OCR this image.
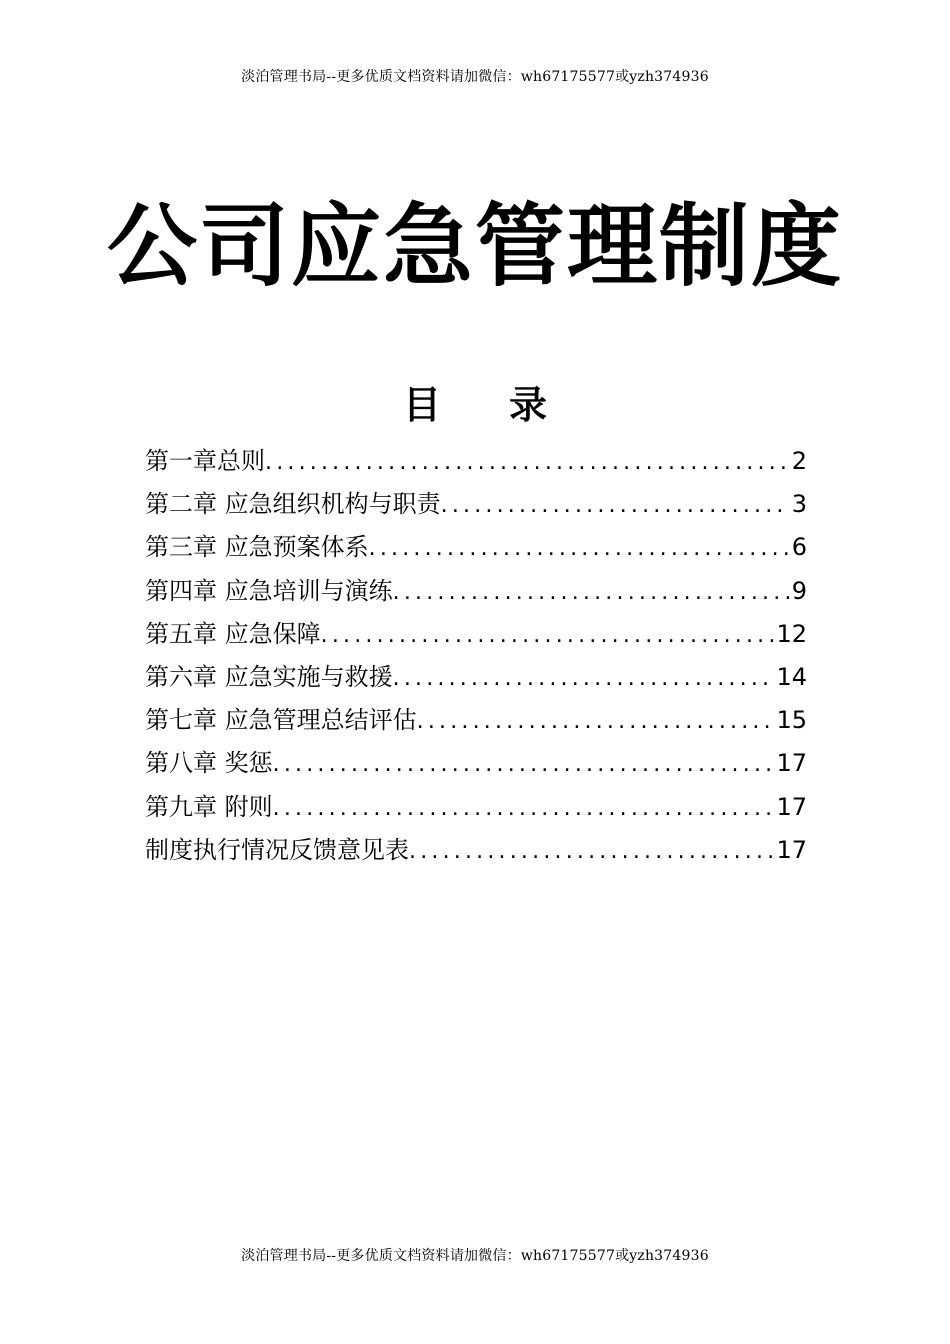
淡泊管理书局--更多优质文档资料请加微信：wh67175577或yzh374936
公司应急管理制度
目 录
第一章总则 .....	2
第二章 应急组织机构与职责 .....	3
第三章 应急预案体系 .....	6
第四章 应急培训与演练 .....	9
第五章 应急保障 .....	12
第六章 应急实施与救援 .....	14
第七章 应急管理总结评估 .....	15
第八章 奖惩 .....	17
第九章 附则 .....	17
制度执行情况反馈意见表 .....	17
淡泊管理书局--更多优质文档资料请加微信：wh67175577或yzh374936
